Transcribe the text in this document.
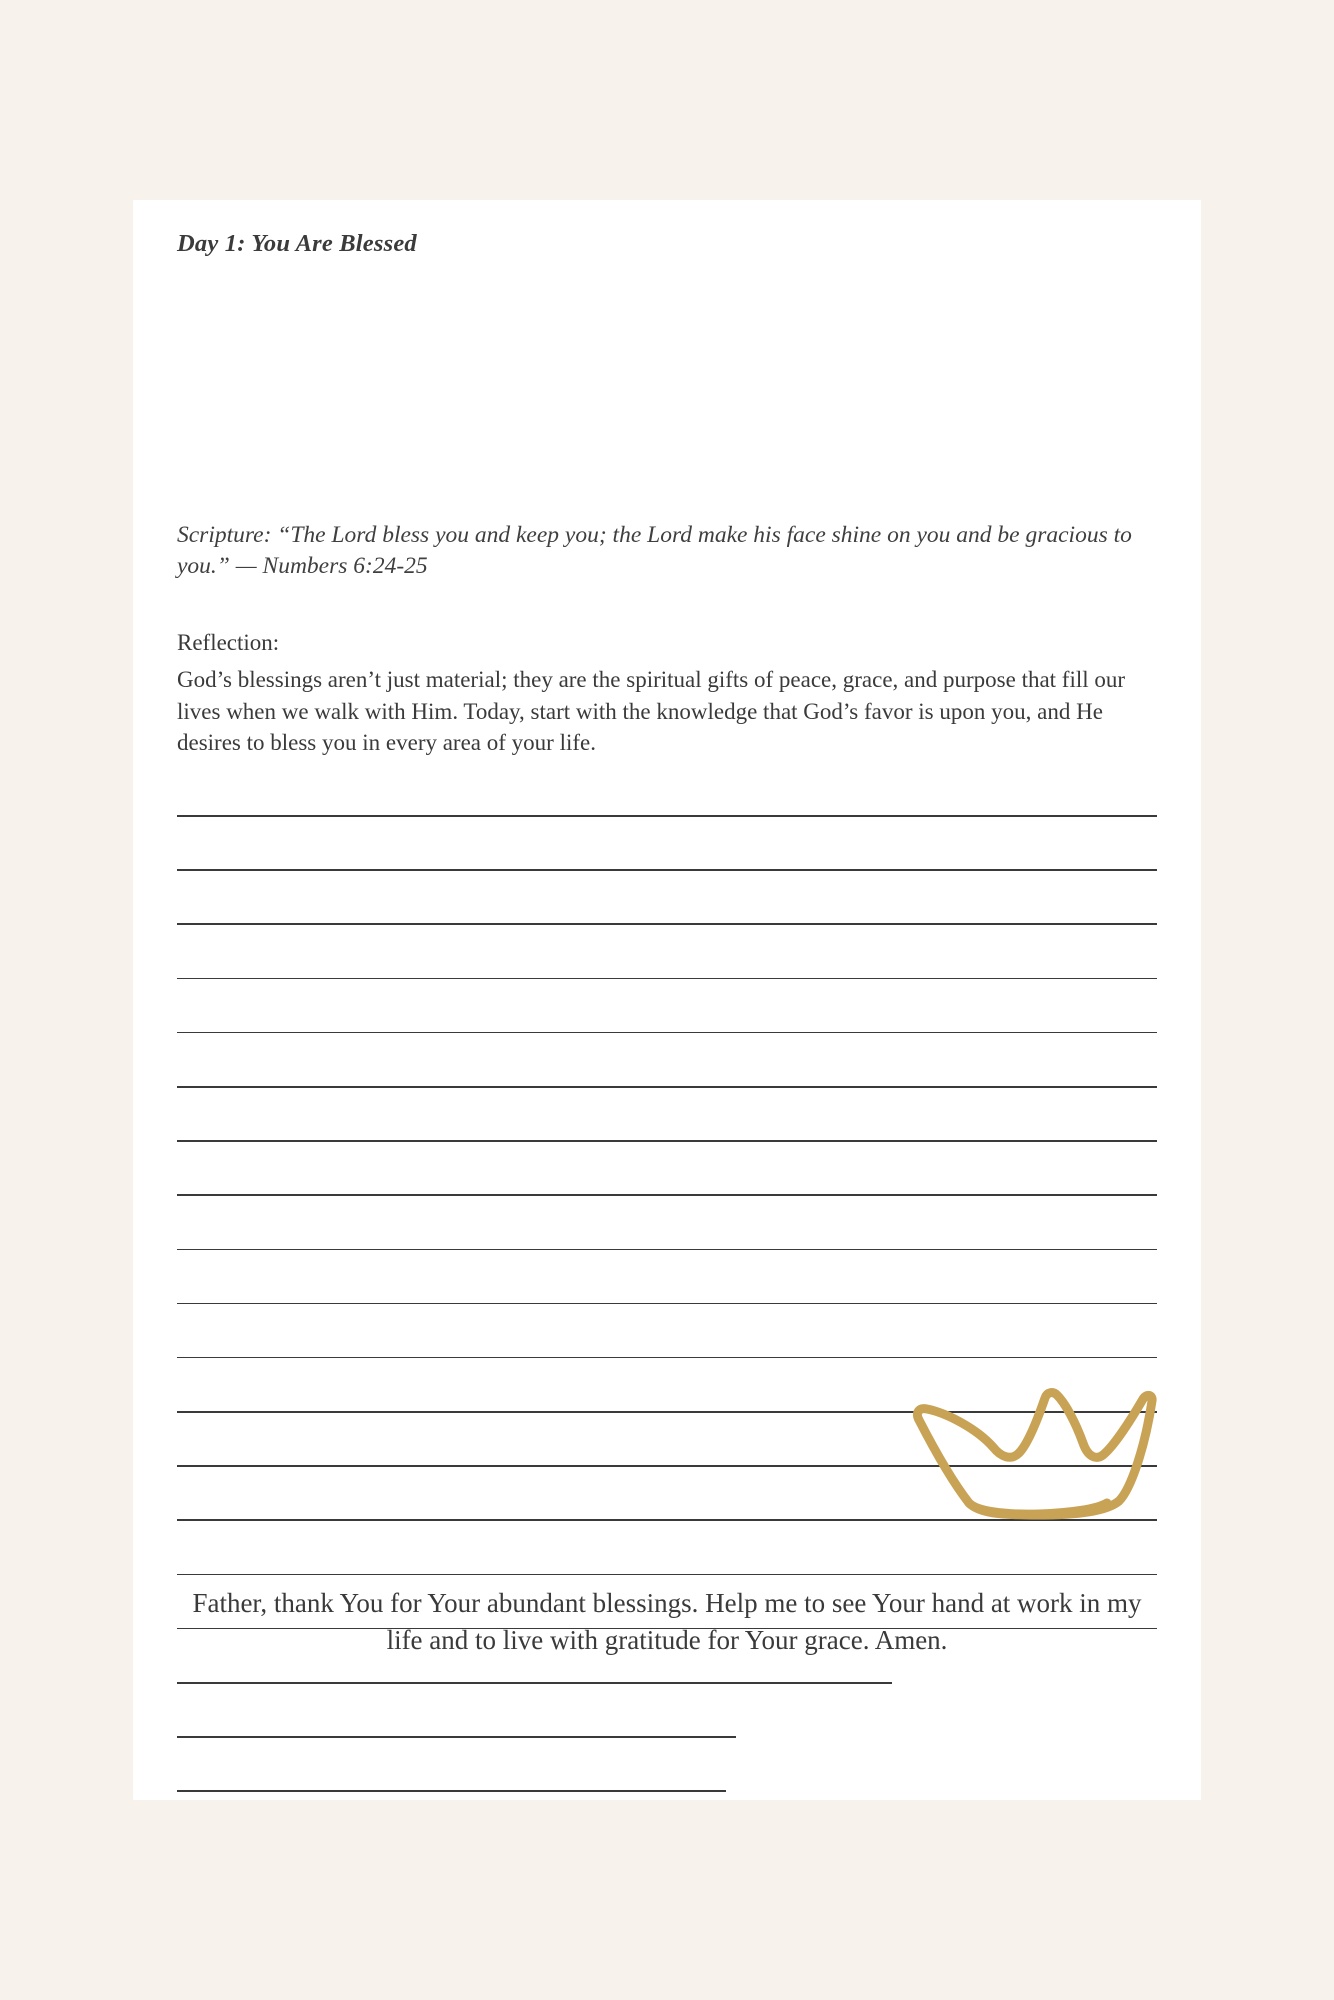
Day 1: You Are Blessed
Scripture: “The Lord bless you and keep you; the Lord make his face shine on you and be gracious to you.” — Numbers 6:24-25
Reflection:
God’s blessings aren’t just material; they are the spiritual gifts of peace, grace, and purpose that fill our lives when we walk with Him. Today, start with the knowledge that God’s favor is upon you, and He desires to bless you in every area of your life.
Father, thank You for Your abundant blessings. Help me to see Your hand at work in my life and to live with gratitude for Your grace. Amen.
